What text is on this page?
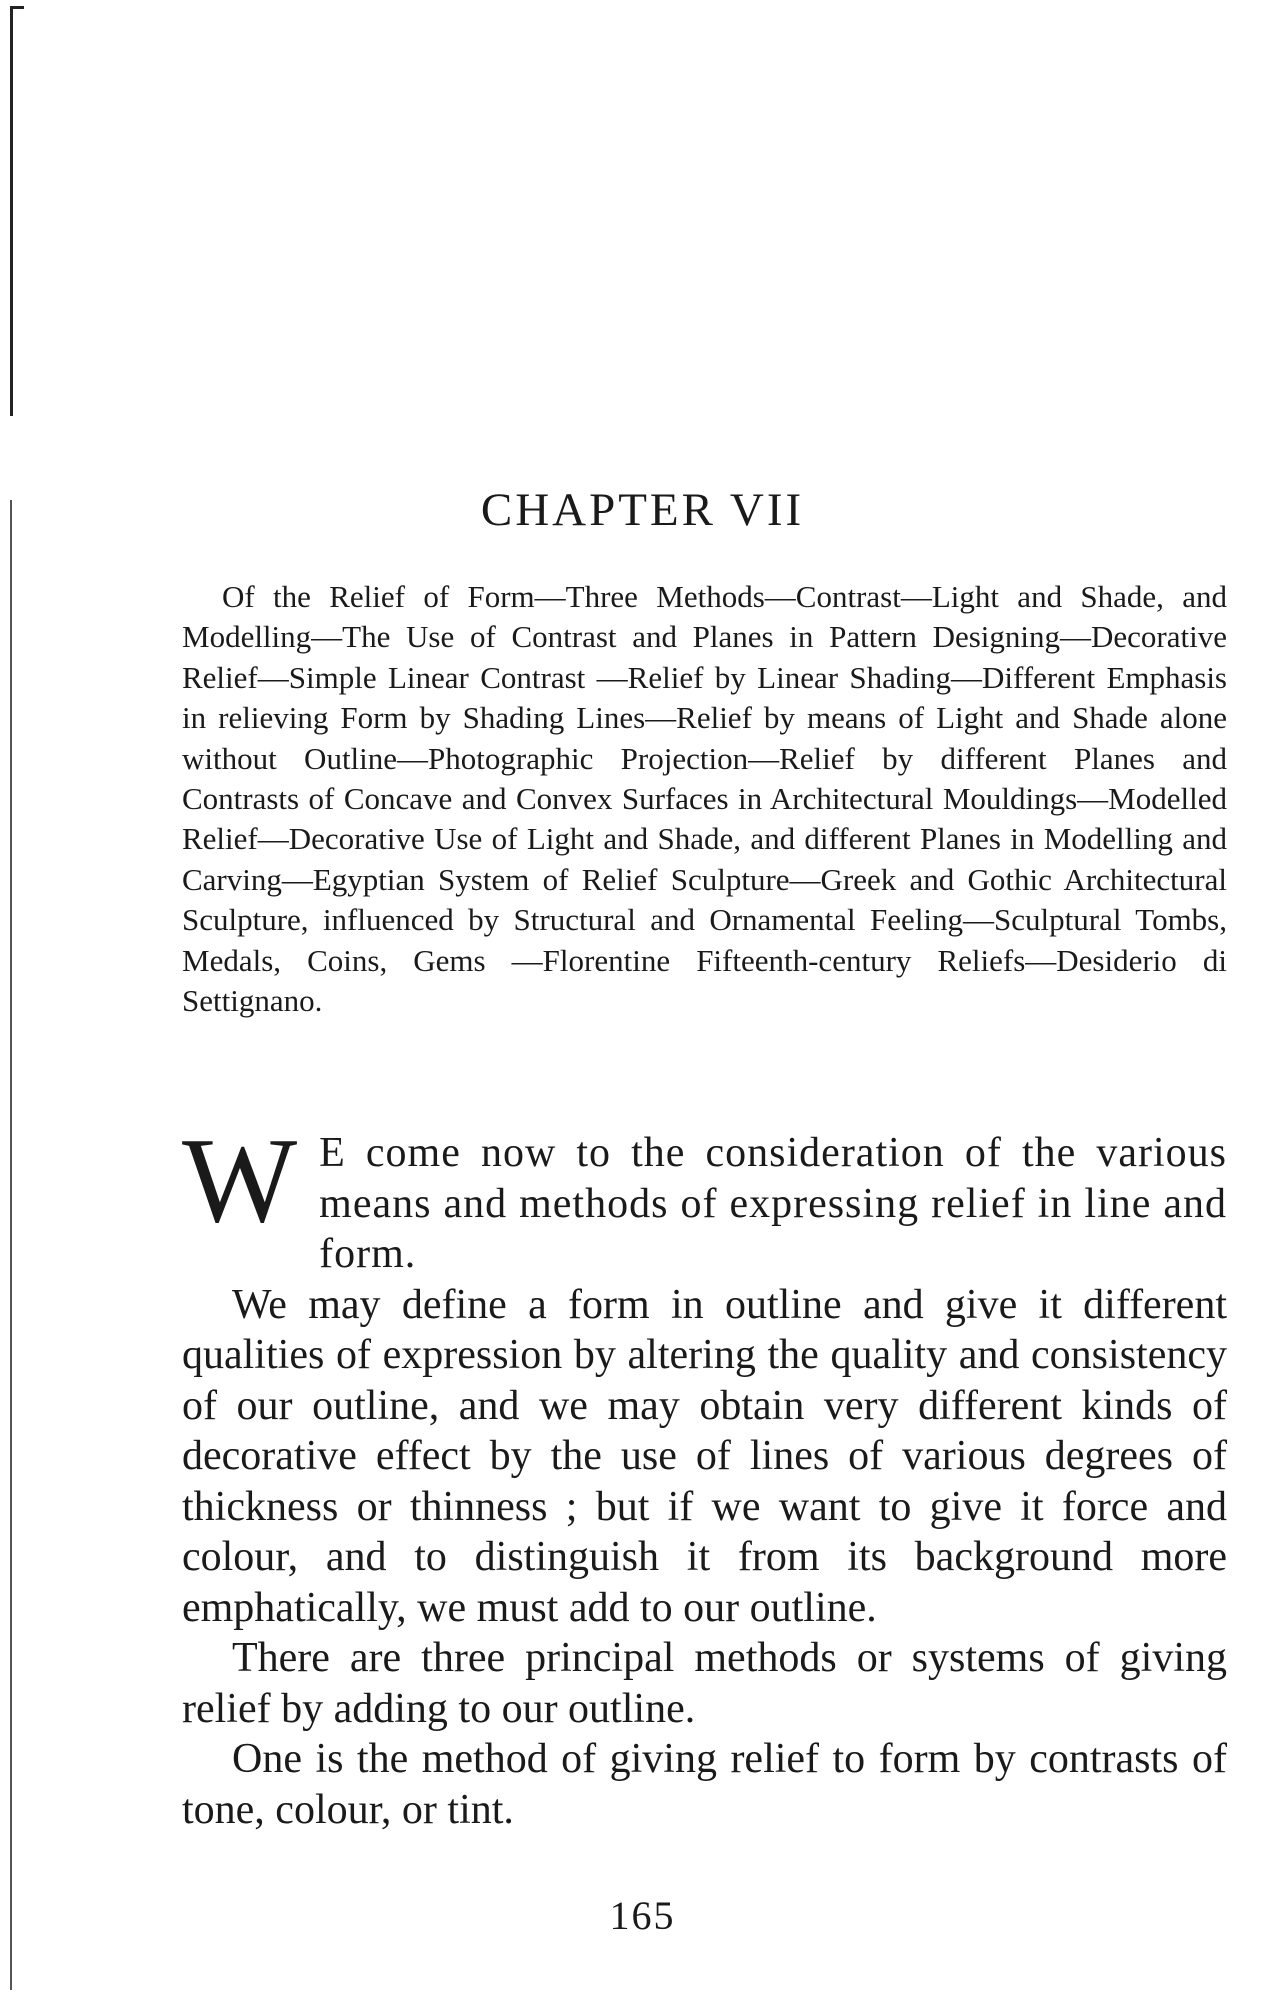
CHAPTER VII

Of the Relief of Form—Three Methods—Contrast—Light and Shade, and Modelling—The Use of Contrast and Planes in Pattern Designing—Decorative Relief—Simple Linear Contrast —Relief by Linear Shading—Different Emphasis in relieving Form by Shading Lines—Relief by means of Light and Shade alone without Outline—Photographic Projection—Relief by different Planes and Contrasts of Concave and Convex Surfaces in Architectural Mouldings—Modelled Relief—Decorative Use of Light and Shade, and different Planes in Modelling and Carving—Egyptian System of Relief Sculpture—Greek and Gothic Architectural Sculpture, influenced by Structural and Ornamental Feeling—Sculptural Tombs, Medals, Coins, Gems —Florentine Fifteenth-century Reliefs—Desiderio di Settignano.

W E come now to the consideration of the various means and methods of expressing relief in line and form.

We may define a form in outline and give it different qualities of expression by altering the quality and consistency of our outline, and we may obtain very different kinds of decorative effect by the use of lines of various degrees of thickness or thinness ; but if we want to give it force and colour, and to distinguish it from its background more emphatically, we must add to our outline.

There are three principal methods or systems of giving relief by adding to our outline.

One is the method of giving relief to form by contrasts of tone, colour, or tint.

165
